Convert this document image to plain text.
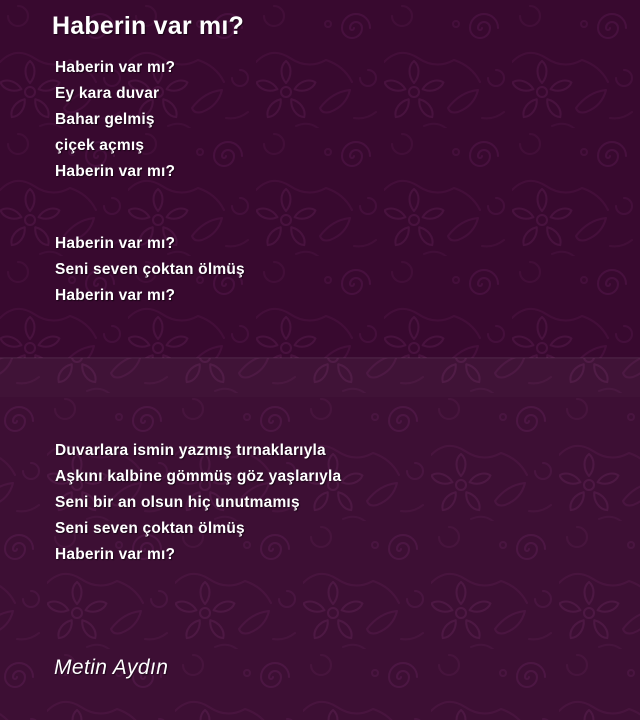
Haberin var mı?
Haberin var mı?
Ey kara duvar
Bahar gelmiş
çiçek açmış
Haberin var mı?
Haberin var mı?
Seni seven çoktan ölmüş
Haberin var mı?
Duvarlara ismin yazmış tırnaklarıyla
Aşkını kalbine gömmüş göz yaşlarıyla
Seni bir an olsun hiç unutmamış
Seni seven çoktan ölmüş
Haberin var mı?
Metin Aydın
